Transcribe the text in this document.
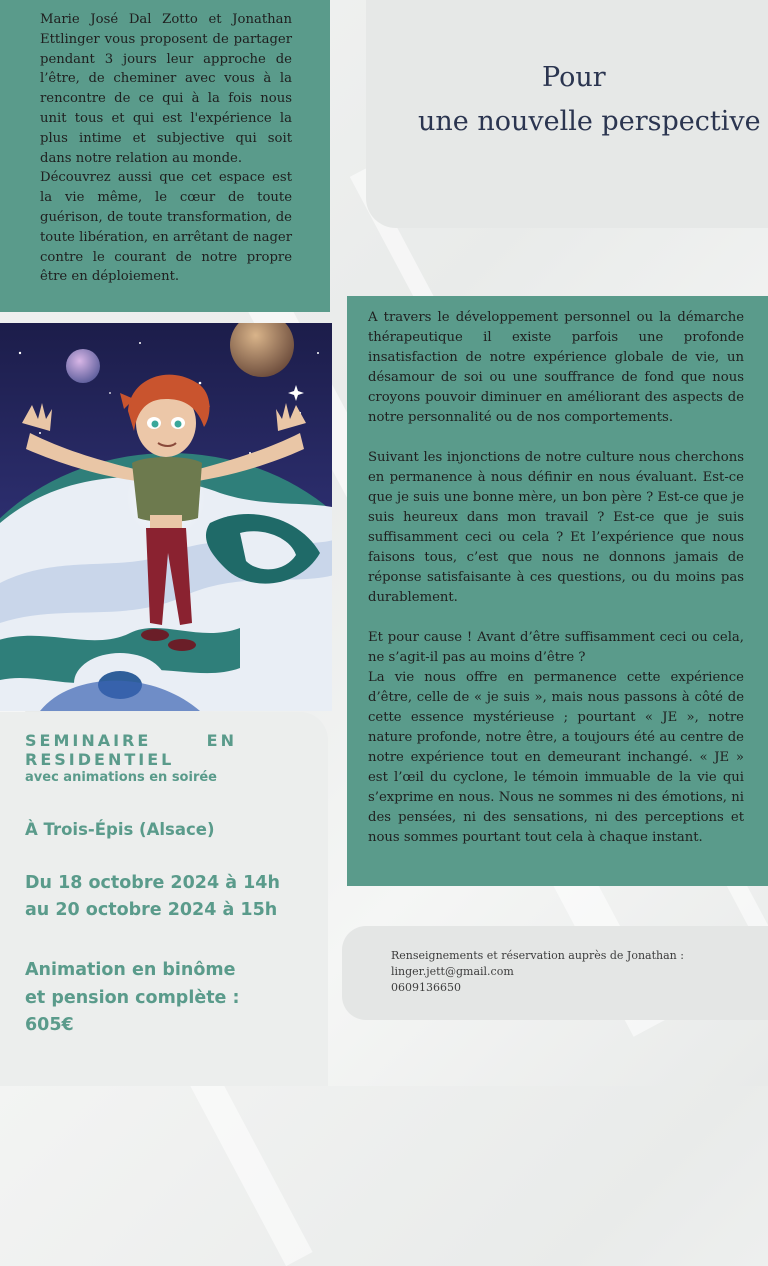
Marie José Dal Zotto et Jonathan Ettlinger vous proposent de partager pendant 3 jours leur approche de l’être, de cheminer avec vous à la rencontre de ce qui à la fois nous unit tous et qui est l'expérience la plus intime et subjective qui soit dans notre relation au monde.

Découvrez aussi que cet espace est la vie même, le cœur de toute guérison, de toute transformation, de toute libération, en arrêtant de nager contre le courant de notre propre être en déploiement.

Pour
une nouvelle perspective

A travers le développement personnel ou la démarche thérapeutique il existe parfois une profonde insatisfaction de notre expérience globale de vie, un désamour de soi ou une souffrance de fond que nous croyons pouvoir diminuer en améliorant des aspects de notre personnalité ou de nos comportements.

Suivant les injonctions de notre culture nous cherchons en permanence à nous définir en nous évaluant. Est-ce que je suis une bonne mère, un bon père ? Est-ce que je suis heureux dans mon travail ? Est-ce que je suis suffisamment ceci ou cela ? Et l’expérience que nous faisons tous, c’est que nous ne donnons jamais de réponse satisfaisante à ces questions, ou du moins pas durablement.

Et pour cause ! Avant d’être suffisamment ceci ou cela, ne s’agit-il pas au moins d’être ?

La vie nous offre en permanence cette expérience d’être, celle de « je suis », mais nous passons à côté de cette essence mystérieuse ; pourtant « JE », notre nature profonde, notre être, a toujours été au centre de notre expérience tout en demeurant inchangé. « JE » est l’œil du cyclone, le témoin immuable de la vie qui s’exprime en nous. Nous ne sommes ni des émotions, ni des pensées, ni des sensations, ni des perceptions et nous sommes pourtant tout cela à chaque instant.

SEMINAIRE EN
RESIDENTIEL
avec animations en soirée
À Trois-Épis (Alsace)
Du 18 octobre 2024 à 14h
au 20 octobre 2024 à 15h
Animation en binôme
et pension complète :
605€
Renseignements et réservation auprès de Jonathan :
linger.jett@gmail.com
0609136650
